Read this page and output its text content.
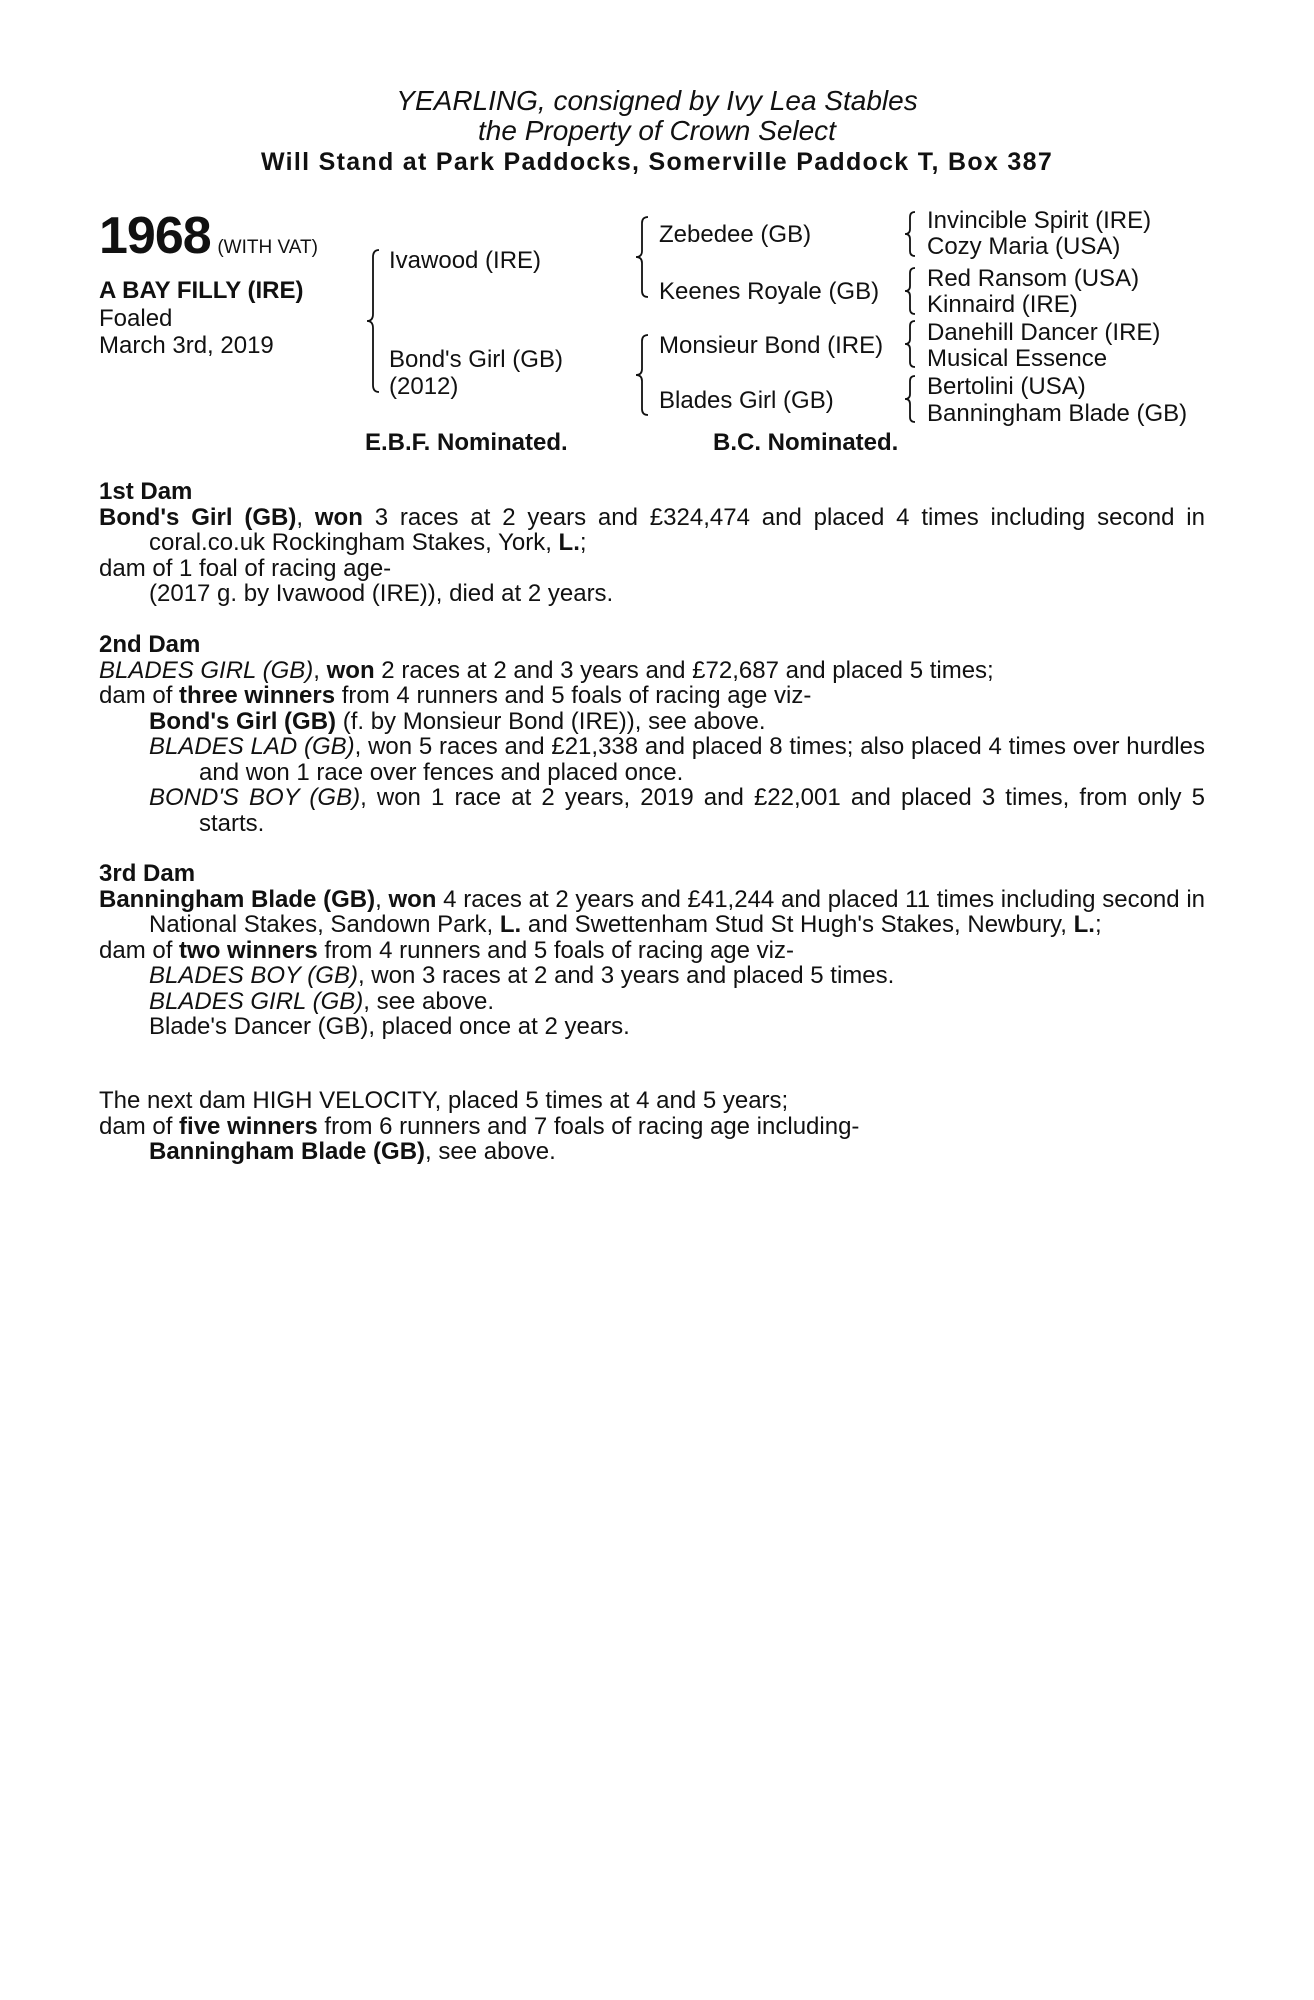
YEARLING, consigned by Ivy Lea Stables
the Property of Crown Select
Will Stand at Park Paddocks, Somerville Paddock T, Box 387
1968 (WITH VAT)
A BAY FILLY (IRE)
Foaled
March 3rd, 2019
Ivawood (IRE)
Bond's Girl (GB)
(2012)
Zebedee (GB)
Keenes Royale (GB)
Monsieur Bond (IRE)
Blades Girl (GB)
Invincible Spirit (IRE)
Cozy Maria (USA)
Red Ransom (USA)
Kinnaird (IRE)
Danehill Dancer (IRE)
Musical Essence
Bertolini (USA)
Banningham Blade (GB)
E.B.F. Nominated.	B.C. Nominated.

1st Dam

Bond's Girl (GB), won 3 races at 2 years and £324,474 and placed 4 times including second in coral.co.uk Rockingham Stakes, York, L.;

dam of 1 foal of racing age-

(2017 g. by Ivawood (IRE)), died at 2 years.

2nd Dam

BLADES GIRL (GB), won 2 races at 2 and 3 years and £72,687 and placed 5 times;

dam of three winners from 4 runners and 5 foals of racing age viz-

Bond's Girl (GB) (f. by Monsieur Bond (IRE)), see above.

BLADES LAD (GB), won 5 races and £21,338 and placed 8 times; also placed 4 times over hurdles and won 1 race over fences and placed once.

BOND'S BOY (GB), won 1 race at 2 years, 2019 and £22,001 and placed 3 times, from only 5 starts.

3rd Dam

Banningham Blade (GB), won 4 races at 2 years and £41,244 and placed 11 times including second in National Stakes, Sandown Park, L. and Swettenham Stud St Hugh's Stakes, Newbury, L.;

dam of two winners from 4 runners and 5 foals of racing age viz-

BLADES BOY (GB), won 3 races at 2 and 3 years and placed 5 times.

BLADES GIRL (GB), see above.

Blade's Dancer (GB), placed once at 2 years.

The next dam HIGH VELOCITY, placed 5 times at 4 and 5 years;

dam of five winners from 6 runners and 7 foals of racing age including-

Banningham Blade (GB), see above.
